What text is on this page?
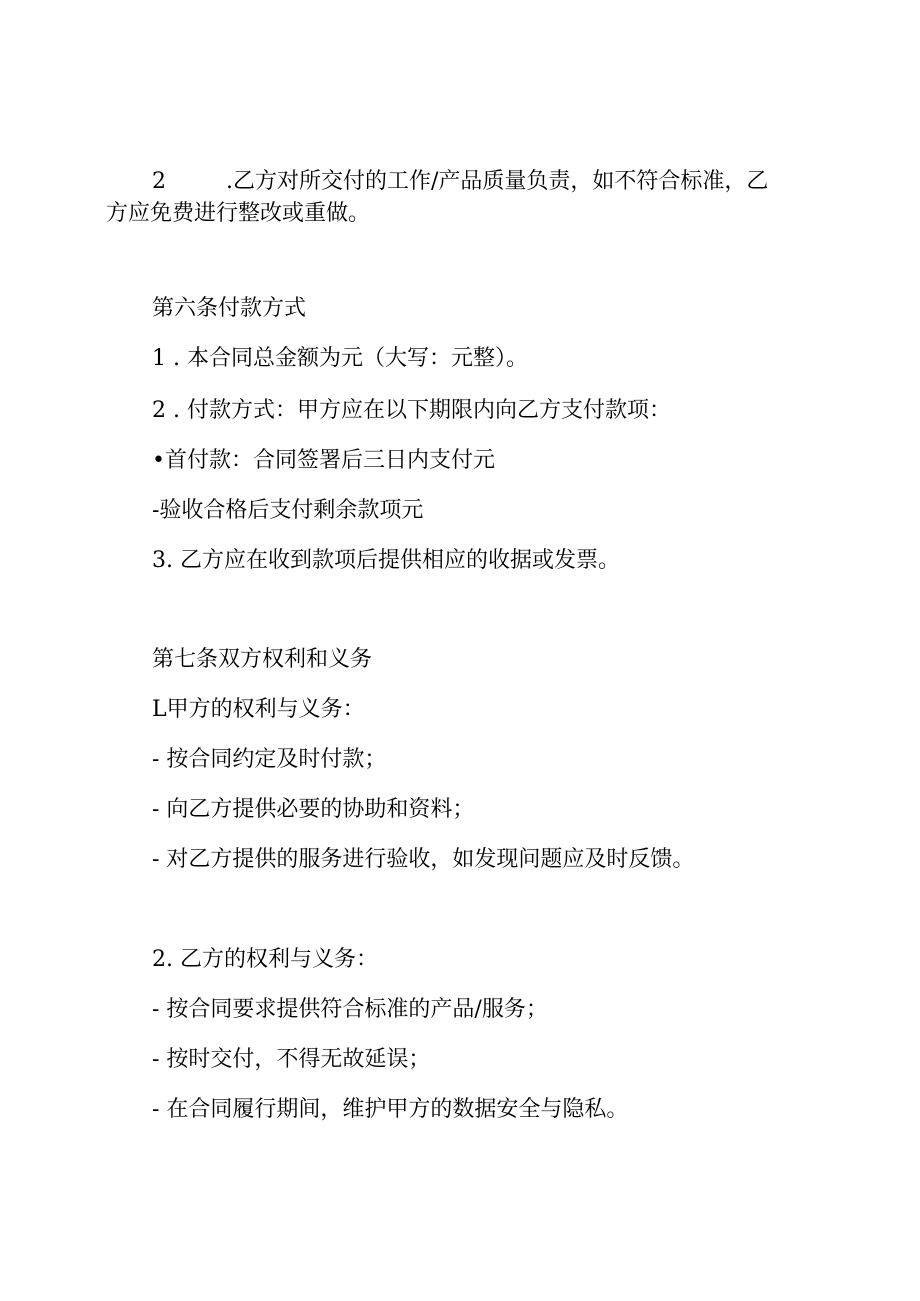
2	.乙方对所交付的工作/产品质量负责，如不符合标准，乙
方应免费进行整改或重做。
第六条付款方式
1 . 本合同总金额为元（大写：元整）。
2 . 付款方式：甲方应在以下期限内向乙方支付款项：
•首付款：合同签署后三日内支付元
-验收合格后支付剩余款项元
3. 乙方应在收到款项后提供相应的收据或发票。
第七条双方权利和义务
L甲方的权利与义务：
- 按合同约定及时付款；
- 向乙方提供必要的协助和资料；
- 对乙方提供的服务进行验收，如发现问题应及时反馈。
2. 乙方的权利与义务：
- 按合同要求提供符合标准的产品/服务；
- 按时交付，不得无故延误；
- 在合同履行期间，维护甲方的数据安全与隐私。
